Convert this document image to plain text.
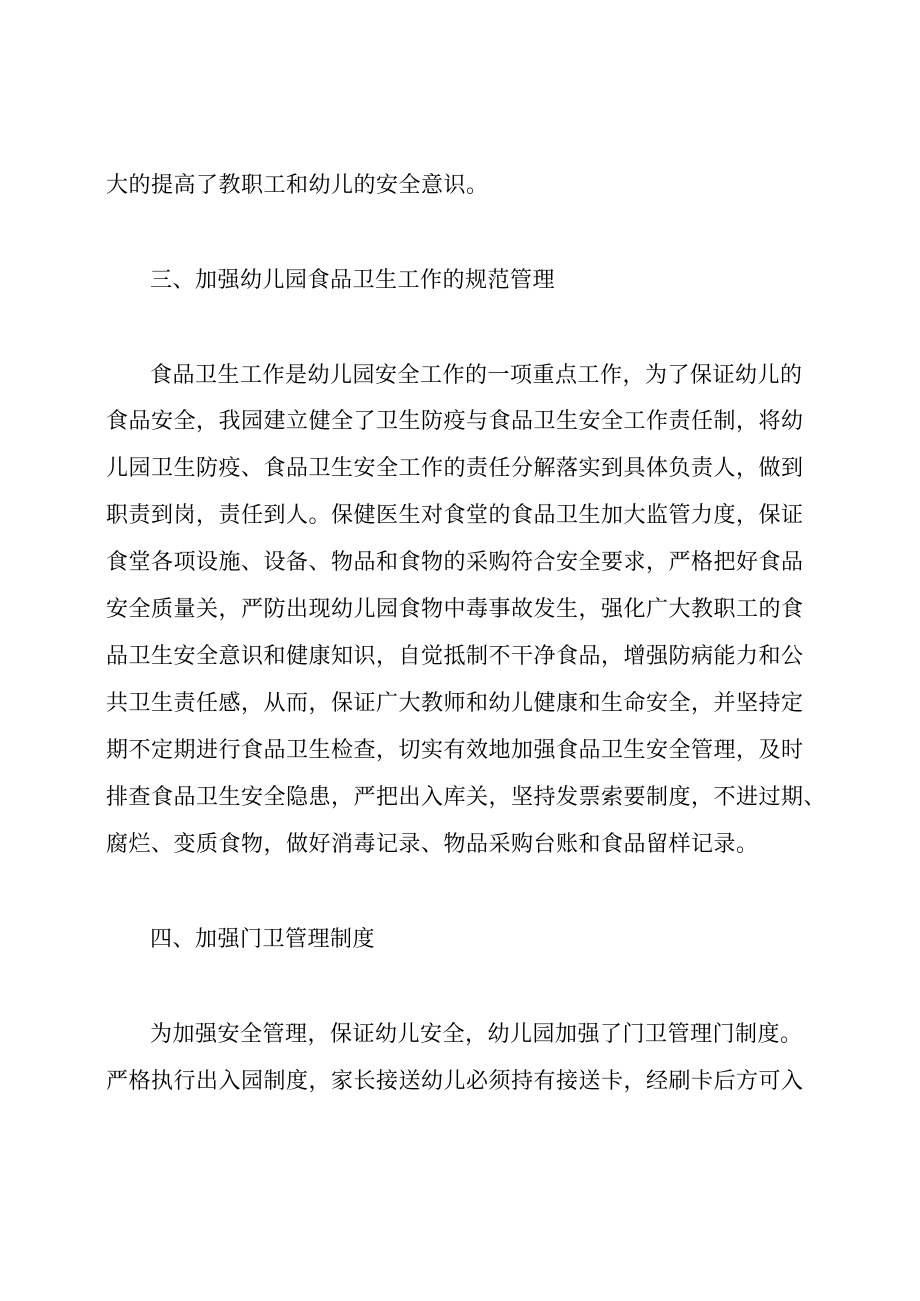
大的提高了教职工和幼儿的安全意识。
三、加强幼儿园食品卫生工作的规范管理
食品卫生工作是幼儿园安全工作的一项重点工作，为了保证幼儿的
食品安全，我园建立健全了卫生防疫与食品卫生安全工作责任制，将幼
儿园卫生防疫、食品卫生安全工作的责任分解落实到具体负责人，做到
职责到岗，责任到人。保健医生对食堂的食品卫生加大监管力度，保证
食堂各项设施、设备、物品和食物的采购符合安全要求，严格把好食品
安全质量关，严防出现幼儿园食物中毒事故发生，强化广大教职工的食
品卫生安全意识和健康知识，自觉抵制不干净食品，增强防病能力和公
共卫生责任感，从而，保证广大教师和幼儿健康和生命安全，并坚持定
期不定期进行食品卫生检查，切实有效地加强食品卫生安全管理，及时
排查食品卫生安全隐患，严把出入库关，坚持发票索要制度，不进过期、
腐烂、变质食物，做好消毒记录、物品采购台账和食品留样记录。
四、加强门卫管理制度
为加强安全管理，保证幼儿安全，幼儿园加强了门卫管理门制度。
严格执行出入园制度，家长接送幼儿必须持有接送卡，经刷卡后方可入
